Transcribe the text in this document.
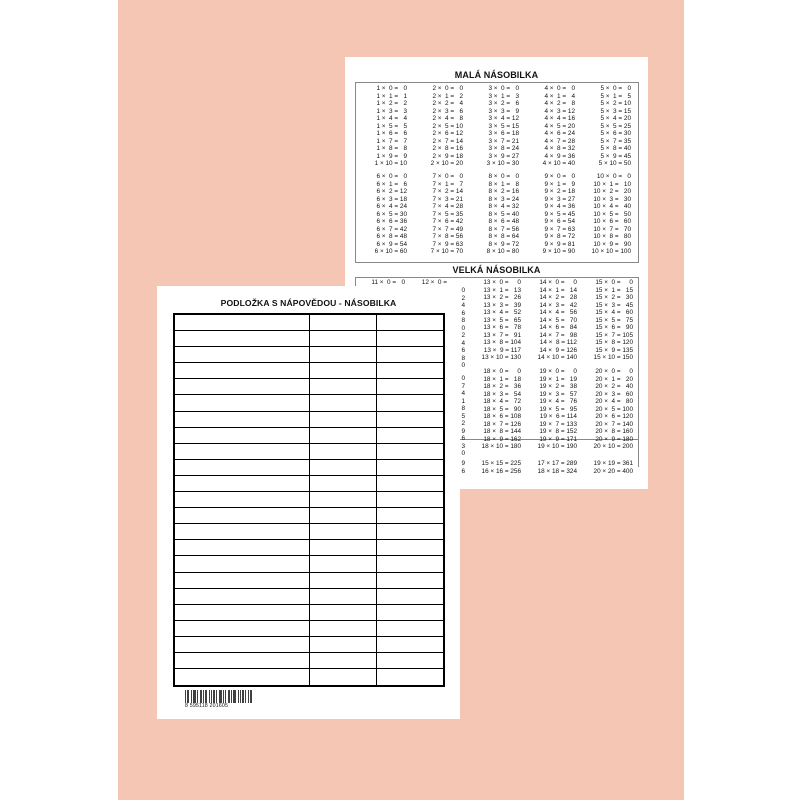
MALÁ NÁSOBILKA
VELKÁ NÁSOBILKA
1 ×  0 =   0
1 ×  1 =   1
1 ×  2 =   2
1 ×  3 =   3
1 ×  4 =   4
1 ×  5 =   5
1 ×  6 =   6
1 ×  7 =   7
1 ×  8 =   8
1 ×  9 =   9
1 × 10 = 10
2 ×  0 =   0
2 ×  1 =   2
2 ×  2 =   4
2 ×  3 =   6
2 ×  4 =   8
2 ×  5 = 10
2 ×  6 = 12
2 ×  7 = 14
2 ×  8 = 16
2 ×  9 = 18
2 × 10 = 20
3 ×  0 =   0
3 ×  1 =   3
3 ×  2 =   6
3 ×  3 =   9
3 ×  4 = 12
3 ×  5 = 15
3 ×  6 = 18
3 ×  7 = 21
3 ×  8 = 24
3 ×  9 = 27
3 × 10 = 30
4 ×  0 =   0
4 ×  1 =   4
4 ×  2 =   8
4 ×  3 = 12
4 ×  4 = 16
4 ×  5 = 20
4 ×  6 = 24
4 ×  7 = 28
4 ×  8 = 32
4 ×  9 = 36
4 × 10 = 40
5 ×  0 =   0
5 ×  1 =   5
5 ×  2 = 10
5 ×  3 = 15
5 ×  4 = 20
5 ×  5 = 25
5 ×  6 = 30
5 ×  7 = 35
5 ×  8 = 40
5 ×  9 = 45
5 × 10 = 50
6 ×  0 =   0
6 ×  1 =   6
6 ×  2 = 12
6 ×  3 = 18
6 ×  4 = 24
6 ×  5 = 30
6 ×  6 = 36
6 ×  7 = 42
6 ×  8 = 48
6 ×  9 = 54
6 × 10 = 60
7 ×  0 =   0
7 ×  1 =   7
7 ×  2 = 14
7 ×  3 = 21
7 ×  4 = 28
7 ×  5 = 35
7 ×  6 = 42
7 ×  7 = 49
7 ×  8 = 56
7 ×  9 = 63
7 × 10 = 70
8 ×  0 =   0
8 ×  1 =   8
8 ×  2 = 16
8 ×  3 = 24
8 ×  4 = 32
8 ×  5 = 40
8 ×  6 = 48
8 ×  7 = 56
8 ×  8 = 64
8 ×  9 = 72
8 × 10 = 80
9 ×  0 =   0
9 ×  1 =   9
9 ×  2 = 18
9 ×  3 = 27
9 ×  4 = 36
9 ×  5 = 45
9 ×  6 = 54
9 ×  7 = 63
9 ×  8 = 72
9 ×  9 = 81
9 × 10 = 90
10 ×  0 =   0
10 ×  1 =   10
10 ×  2 =   20
10 ×  3 =   30
10 ×  4 =   40
10 ×  5 =   50
10 ×  6 =   60
10 ×  7 =   70
10 ×  8 =   80
10 ×  9 =   90
10 × 10 = 100
11 ×  0 =   0	12 ×  0 =
0
2
4
6
8
0
2
4
6
8
0
13 ×  0 =     0
13 ×  1 =   13
13 ×  2 =   26
13 ×  3 =   39
13 ×  4 =   52
13 ×  5 =   65
13 ×  6 =   78
13 ×  7 =   91
13 ×  8 = 104
13 ×  9 = 117
13 × 10 = 130
14 ×  0 =     0
14 ×  1 =   14
14 ×  2 =   28
14 ×  3 =   42
14 ×  4 =   56
14 ×  5 =   70
14 ×  6 =   84
14 ×  7 =   98
14 ×  8 = 112
14 ×  9 = 126
14 × 10 = 140
15 ×  0 =     0
15 ×  1 =   15
15 ×  2 =   30
15 ×  3 =   45
15 ×  4 =   60
15 ×  5 =   75
15 ×  6 =   90
15 ×  7 = 105
15 ×  8 = 120
15 ×  9 = 135
15 × 10 = 150
0
7
4
1
8
5
2
9
6
3
0
18 ×  0 =     0
18 ×  1 =   18
18 ×  2 =   36
18 ×  3 =   54
18 ×  4 =   72
18 ×  5 =   90
18 ×  6 = 108
18 ×  7 = 126
18 ×  8 = 144
18 ×  9 = 162
18 × 10 = 180
19 ×  0 =     0
19 ×  1 =   19
19 ×  2 =   38
19 ×  3 =   57
19 ×  4 =   76
19 ×  5 =   95
19 ×  6 = 114
19 ×  7 = 133
19 ×  8 = 152
19 ×  9 = 171
19 × 10 = 190
20 ×  0 =     0
20 ×  1 =   20
20 ×  2 =   40
20 ×  3 =   60
20 ×  4 =   80
20 ×  5 = 100
20 ×  6 = 120
20 ×  7 = 140
20 ×  8 = 160
20 ×  9 = 180
20 × 10 = 200
9
6
15 × 15 = 225
16 × 16 = 256
17 × 17 = 289
18 × 18 = 324
19 × 19 = 361
20 × 20 = 400
PODLOŽKA S NÁPOVĚDOU - NÁSOBILKA
8 595118 201605
